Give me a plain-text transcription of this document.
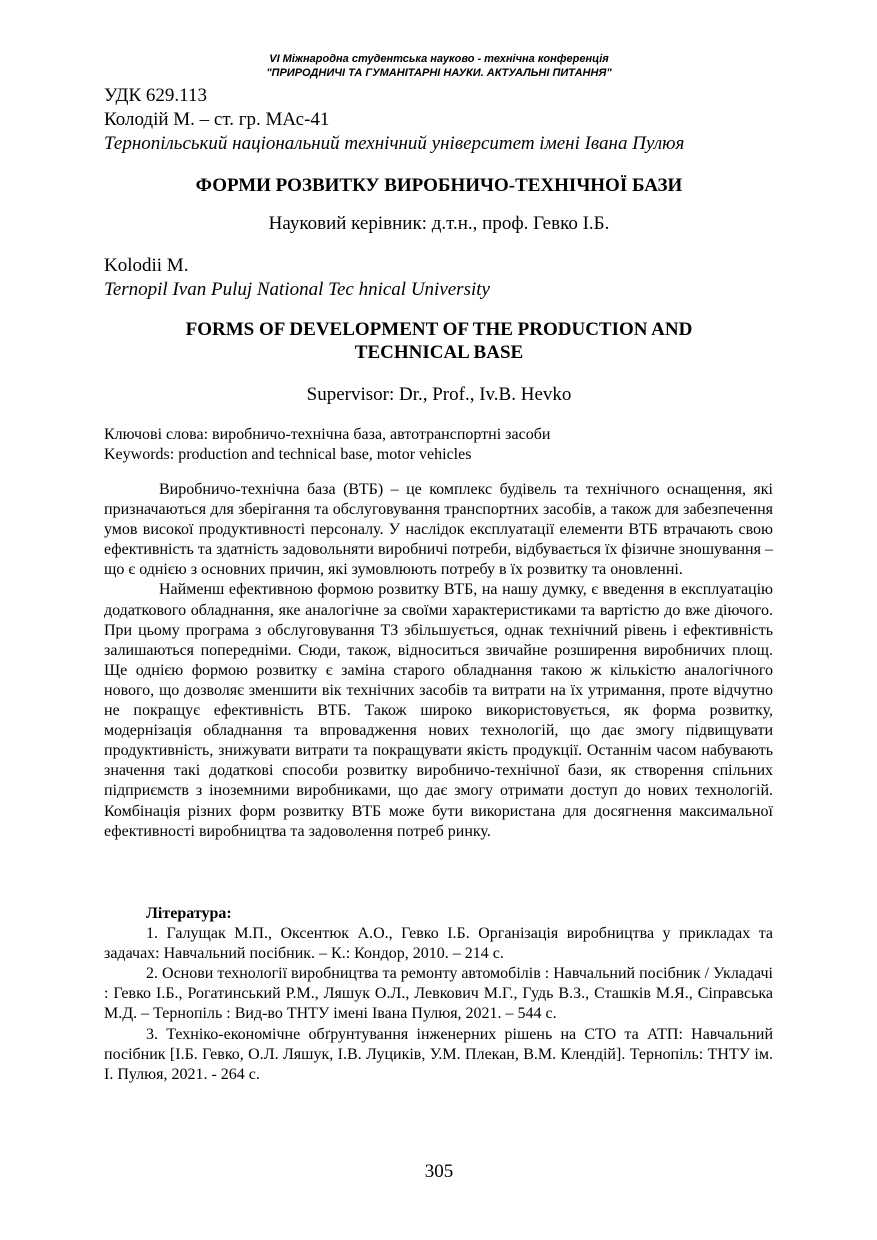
VI Міжнародна студентська науково - технічна конференція
"ПРИРОДНИЧІ ТА ГУМАНІТАРНІ НАУКИ. АКТУАЛЬНІ ПИТАННЯ"
УДК 629.113
Колодій М. – ст. гр. МАс-41
Тернопільський національний технічний університет імені Івана Пулюя
ФОРМИ РОЗВИТКУ ВИРОБНИЧО-ТЕХНІЧНОЇ БАЗИ
Науковий керівник: д.т.н., проф. Гевко І.Б.
Kolodii M.
Ternopil Ivan Puluj National Tec hnical University
FORMS OF DEVELOPMENT OF THE PRODUCTION AND
TECHNICAL BASE
Supervisor: Dr., Prof., Iv.B. Hevko
Ключові слова: виробничо-технічна база, автотранспортні засоби
Keywords: production and technical base, motor vehicles

Виробничо-технічна база (ВТБ) – це комплекс будівель та технічного оснащення, які призначаються для зберігання та обслуговування транспортних засобів, а також для забезпечення умов високої продуктивності персоналу. У наслідок експлуатації елементи ВТБ втрачають свою ефективність та здатність задовольняти виробничі потреби, відбувається їх фізичне зношування – що є однією з основних причин, які зумовлюють потребу в їх розвитку та оновленні.

Найменш ефективною формою розвитку ВТБ, на нашу думку, є введення в експлуатацію додаткового обладнання, яке аналогічне за своїми характеристиками та вартістю до вже діючого. При цьому програма з обслуговування ТЗ збільшується, однак технічний рівень і ефективність залишаються попередніми. Сюди, також, відноситься звичайне розширення виробничих площ. Ще однією формою розвитку є заміна старого обладнання такою ж кількістю аналогічного нового, що дозволяє зменшити вік технічних засобів та витрати на їх утримання, проте відчутно не покращує ефективність ВТБ. Також широко використовується, як форма розвитку, модернізація обладнання та впровадження нових технологій, що дає змогу підвищувати продуктивність, знижувати витрати та покращувати якість продукції. Останнім часом набувають значення такі додаткові способи розвитку виробничо-технічної бази, як створення спільних підприємств з іноземними виробниками, що дає змогу отримати доступ до нових технологій. Комбінація різних форм розвитку ВТБ може бути використана для досягнення максимальної ефективності виробництва та задоволення потреб ринку.

Література:

1. Галущак М.П., Оксентюк А.О., Гевко І.Б. Організація виробництва у прикладах та задачах: Навчальний посібник. – К.: Кондор, 2010. – 214 с.

2. Основи технології виробництва та ремонту автомобілів : Навчальний посібник / Укладачі : Гевко І.Б., Рогатинський Р.М., Ляшук О.Л., Левкович М.Г., Гудь В.З., Сташків М.Я., Сіправська М.Д. – Тернопіль : Вид-во ТНТУ імені Івана Пулюя, 2021. – 544 с.

3. Техніко-економічне обґрунтування інженерних рішень на СТО та АТП: Навчальний посібник [І.Б. Гевко, О.Л. Ляшук, І.В. Луциків, У.М. Плекан, В.М. Клендій]. Тернопіль: ТНТУ ім. І. Пулюя, 2021. - 264 с.

305
